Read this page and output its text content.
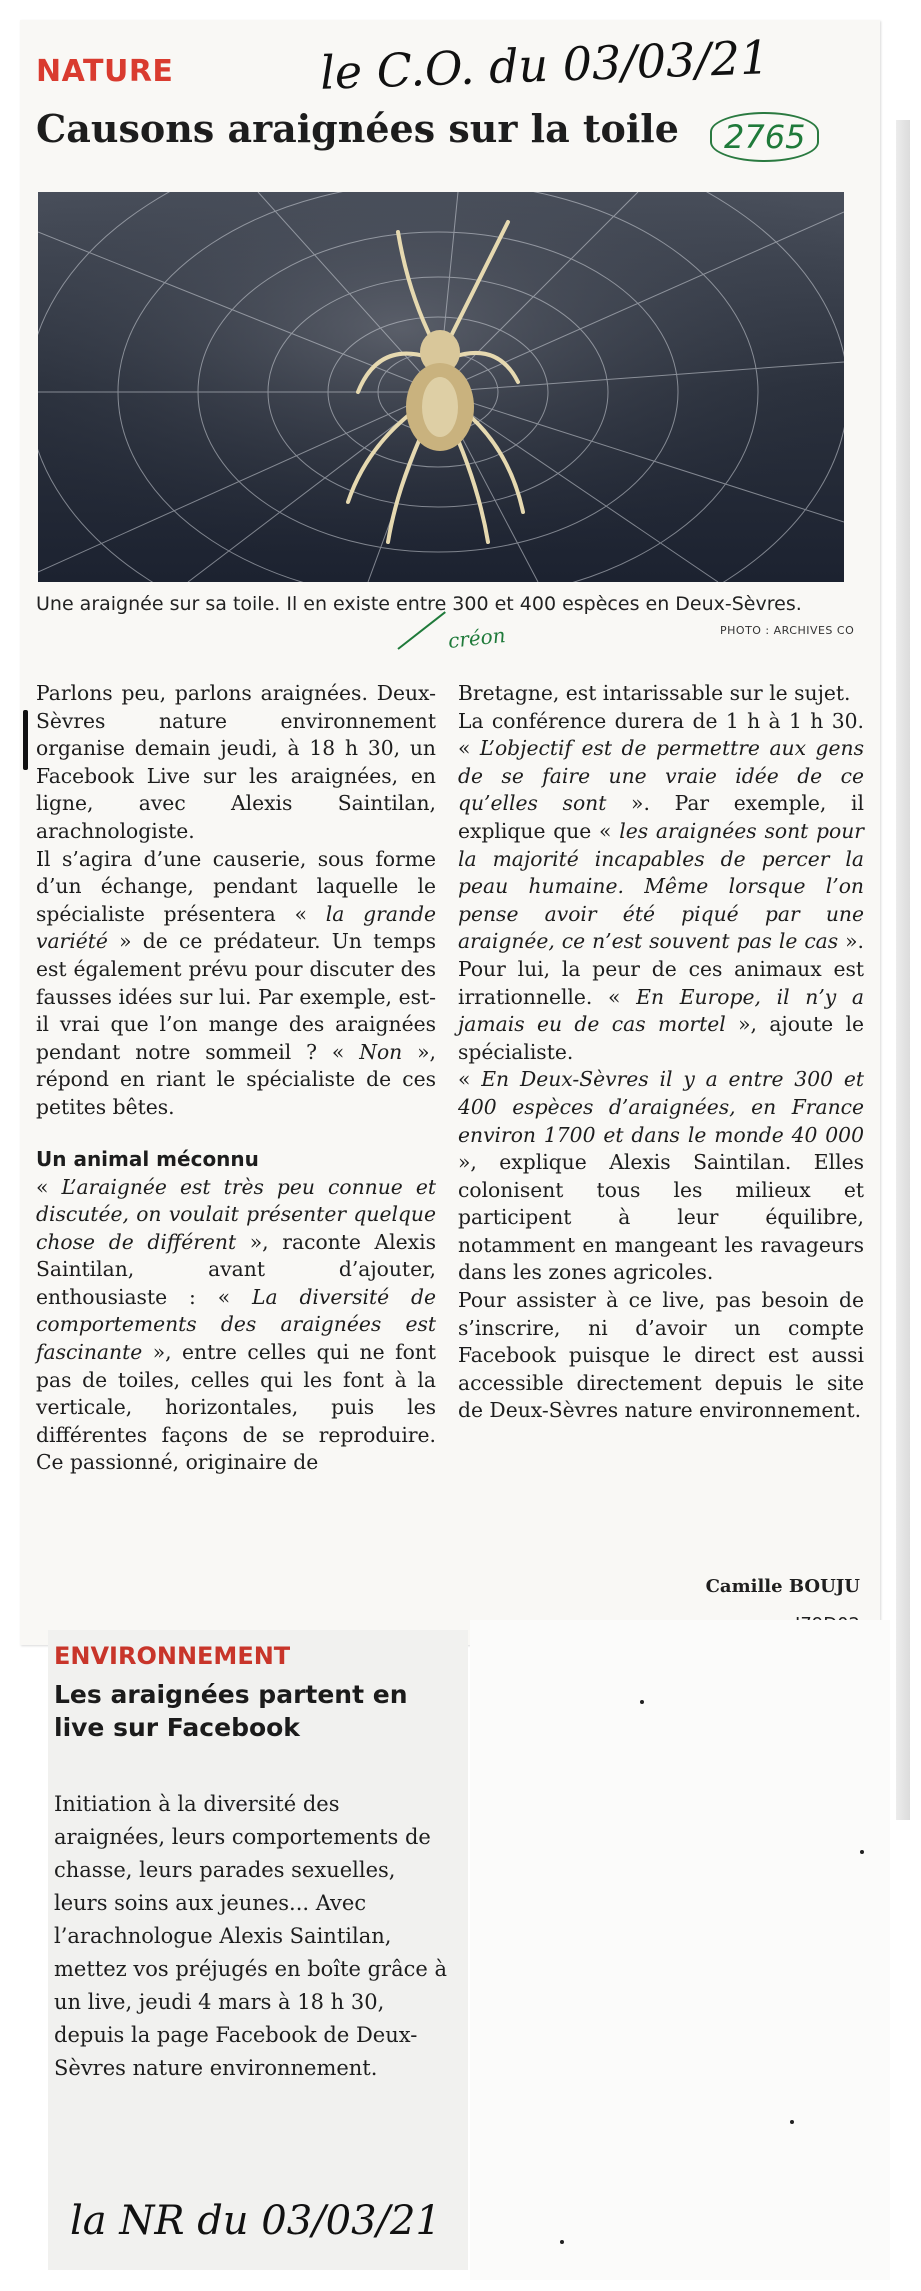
NATURE	le C.O. du 03/03/21
Causons araignées sur la toile	2765
Une araignée sur sa toile. Il en existe entre 300 et 400 espèces en Deux-Sèvres.
PHOTO : ARCHIVES CO
créon

Parlons peu, parlons araignées. Deux-Sèvres nature environnement organise demain jeudi, à 18 h 30, un Facebook Live sur les araignées, en ligne, avec Alexis Saintilan, arachnologiste.

Il s’agira d’une causerie, sous forme d’un échange, pendant laquelle le spécialiste présentera « la grande variété » de ce prédateur. Un temps est également prévu pour discuter des fausses idées sur lui. Par exemple, est-il vrai que l’on mange des araignées pendant notre sommeil ? « Non », répond en riant le spécialiste de ces petites bêtes.

Un animal méconnu

« L’araignée est très peu connue et discutée, on voulait présenter quelque chose de différent », raconte Alexis Saintilan, avant d’ajouter, enthousiaste : « La diversité de comportements des araignées est fascinante », entre celles qui ne font pas de toiles, celles qui les font à la verticale, horizontales, puis les différentes façons de se reproduire. Ce passionné, originaire de

Bretagne, est intarissable sur le sujet.

La conférence durera de 1 h à 1 h 30. « L’objectif est de permettre aux gens de se faire une vraie idée de ce qu’elles sont ». Par exemple, il explique que « les araignées sont pour la majorité incapables de percer la peau humaine. Même lorsque l’on pense avoir été piqué par une araignée, ce n’est souvent pas le cas ». Pour lui, la peur de ces animaux est irrationnelle. « En Europe, il n’y a jamais eu de cas mortel », ajoute le spécialiste.

« En Deux-Sèvres il y a entre 300 et 400 espèces d’araignées, en France environ 1700 et dans le monde 40 000 », explique Alexis Saintilan. Elles colonisent tous les milieux et participent à leur équilibre, notamment en mangeant les ravageurs dans les zones agricoles.

Pour assister à ce live, pas besoin de s’inscrire, ni d’avoir un compte Facebook puisque le direct est aussi accessible directement depuis le site de Deux-Sèvres nature environnement.

Camille BOUJU
ENVIRONNEMENT
Les araignées partent en live sur Facebook
Initiation à la diversité des araignées, leurs comportements de chasse, leurs parades sexuelles, leurs soins aux jeunes... Avec l’arachnologue Alexis Saintilan, mettez vos préjugés en boîte grâce à un live, jeudi 4 mars à 18 h 30, depuis la page Facebook de Deux-Sèvres nature environnement.
la NR du 03/03/21
